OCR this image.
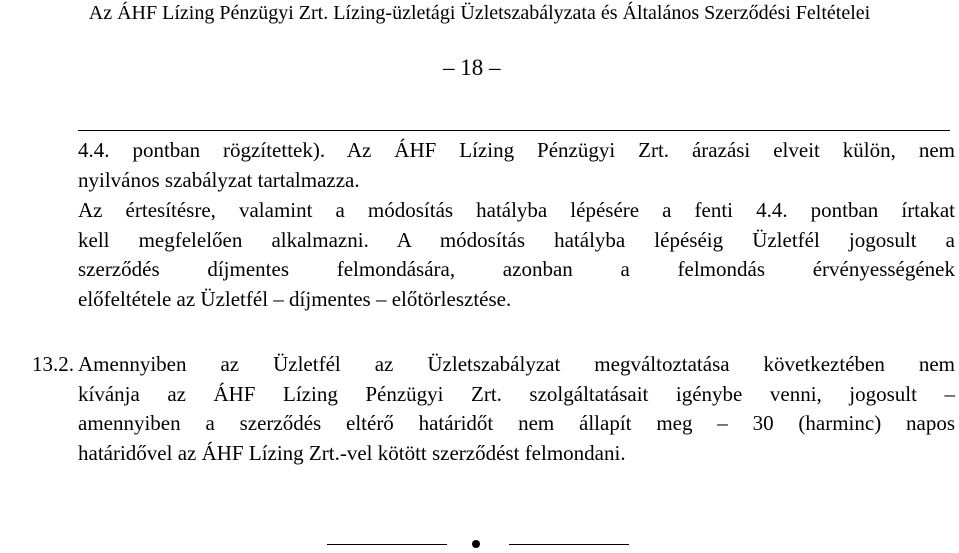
Az ÁHF Lízing Pénzügyi Zrt. Lízing-üzletági Üzletszabályzata és Általános Szerződési Feltételei
– 18 –
4.4. pontban rögzítettek). Az ÁHF Lízing Pénzügyi Zrt. árazási elveit külön, nem
nyilvános szabályzat tartalmazza.
Az értesítésre, valamint a módosítás hatályba lépésére a fenti 4.4. pontban írtakat
kell megfelelően alkalmazni. A módosítás hatályba lépéséig Üzletfél jogosult a
szerződés díjmentes felmondására, azonban a felmondás érvényességének
előfeltétele az Üzletfél – díjmentes – előtörlesztése.
13.2. Amennyiben az Üzletfél az Üzletszabályzat megváltoztatása következtében nem
kívánja az ÁHF Lízing Pénzügyi Zrt. szolgáltatásait igénybe venni, jogosult –
amennyiben a szerződés eltérő határidőt nem állapít meg – 30 (harminc) napos
határidővel az ÁHF Lízing Zrt.-vel kötött szerződést felmondani.
